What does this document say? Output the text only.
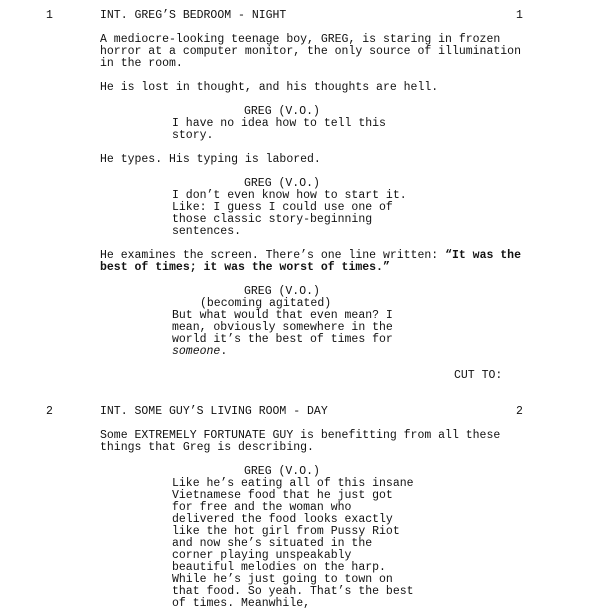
1	INT. GREG’S BEDROOM - NIGHT	1
A mediocre-looking teenage boy, GREG, is staring in frozen
horror at a computer monitor, the only source of illumination
in the room.
He is lost in thought, and his thoughts are hell.
GREG (V.O.)
I have no idea how to tell this
story.
He types. His typing is labored.
GREG (V.O.)
I don’t even know how to start it.
Like: I guess I could use one of
those classic story-beginning
sentences.
He examines the screen. There’s one line written: “It was the
best of times; it was the worst of times.”
GREG (V.O.)
(becoming agitated)
But what would that even mean? I
mean, obviously somewhere in the
world it’s the best of times for
someone.
CUT TO:
2	INT. SOME GUY’S LIVING ROOM - DAY	2
Some EXTREMELY FORTUNATE GUY is benefitting from all these
things that Greg is describing.
GREG (V.O.)
Like he’s eating all of this insane
Vietnamese food that he just got
for free and the woman who
delivered the food looks exactly
like the hot girl from Pussy Riot
and now she’s situated in the
corner playing unspeakably
beautiful melodies on the harp.
While he’s just going to town on
that food. So yeah. That’s the best
of times. Meanwhile,
